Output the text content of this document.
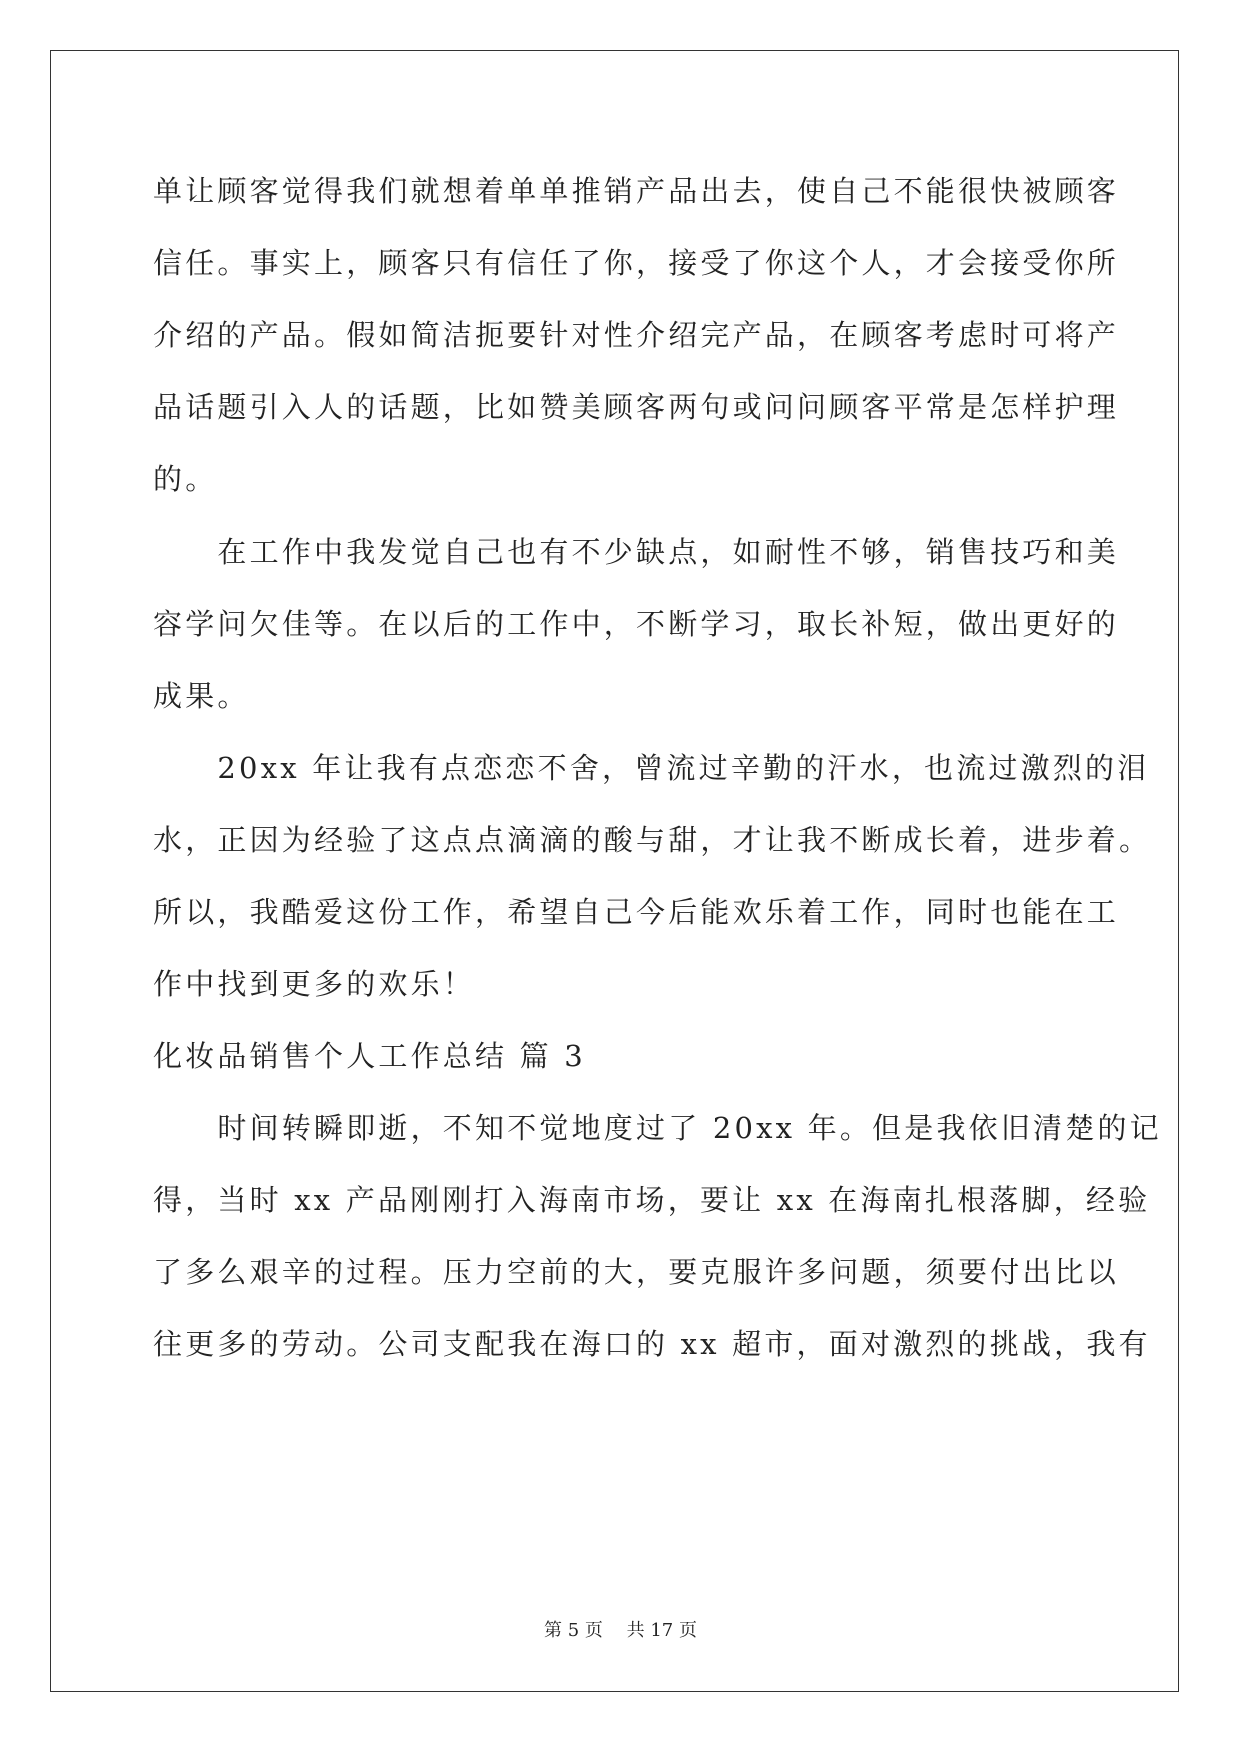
单让顾客觉得我们就想着单单推销产品出去，使自己不能很快被顾客
信任。事实上，顾客只有信任了你，接受了你这个人，才会接受你所
介绍的产品。假如简洁扼要针对性介绍完产品，在顾客考虑时可将产
品话题引入人的话题，比如赞美顾客两句或问问顾客平常是怎样护理
的。
　　在工作中我发觉自己也有不少缺点，如耐性不够，销售技巧和美
容学问欠佳等。在以后的工作中，不断学习，取长补短，做出更好的
成果。
　　20xx 年让我有点恋恋不舍，曾流过辛勤的汗水，也流过激烈的泪
水，正因为经验了这点点滴滴的酸与甜，才让我不断成长着，进步着。
所以，我酷爱这份工作，希望自己今后能欢乐着工作，同时也能在工
作中找到更多的欢乐！
化妆品销售个人工作总结 篇 3
　　时间转瞬即逝，不知不觉地度过了 20xx 年。但是我依旧清楚的记
得，当时 xx 产品刚刚打入海南市场，要让 xx 在海南扎根落脚，经验
了多么艰辛的过程。压力空前的大，要克服许多问题，须要付出比以
往更多的劳动。公司支配我在海口的 xx 超市，面对激烈的挑战，我有
第 5 页　 共 17 页
